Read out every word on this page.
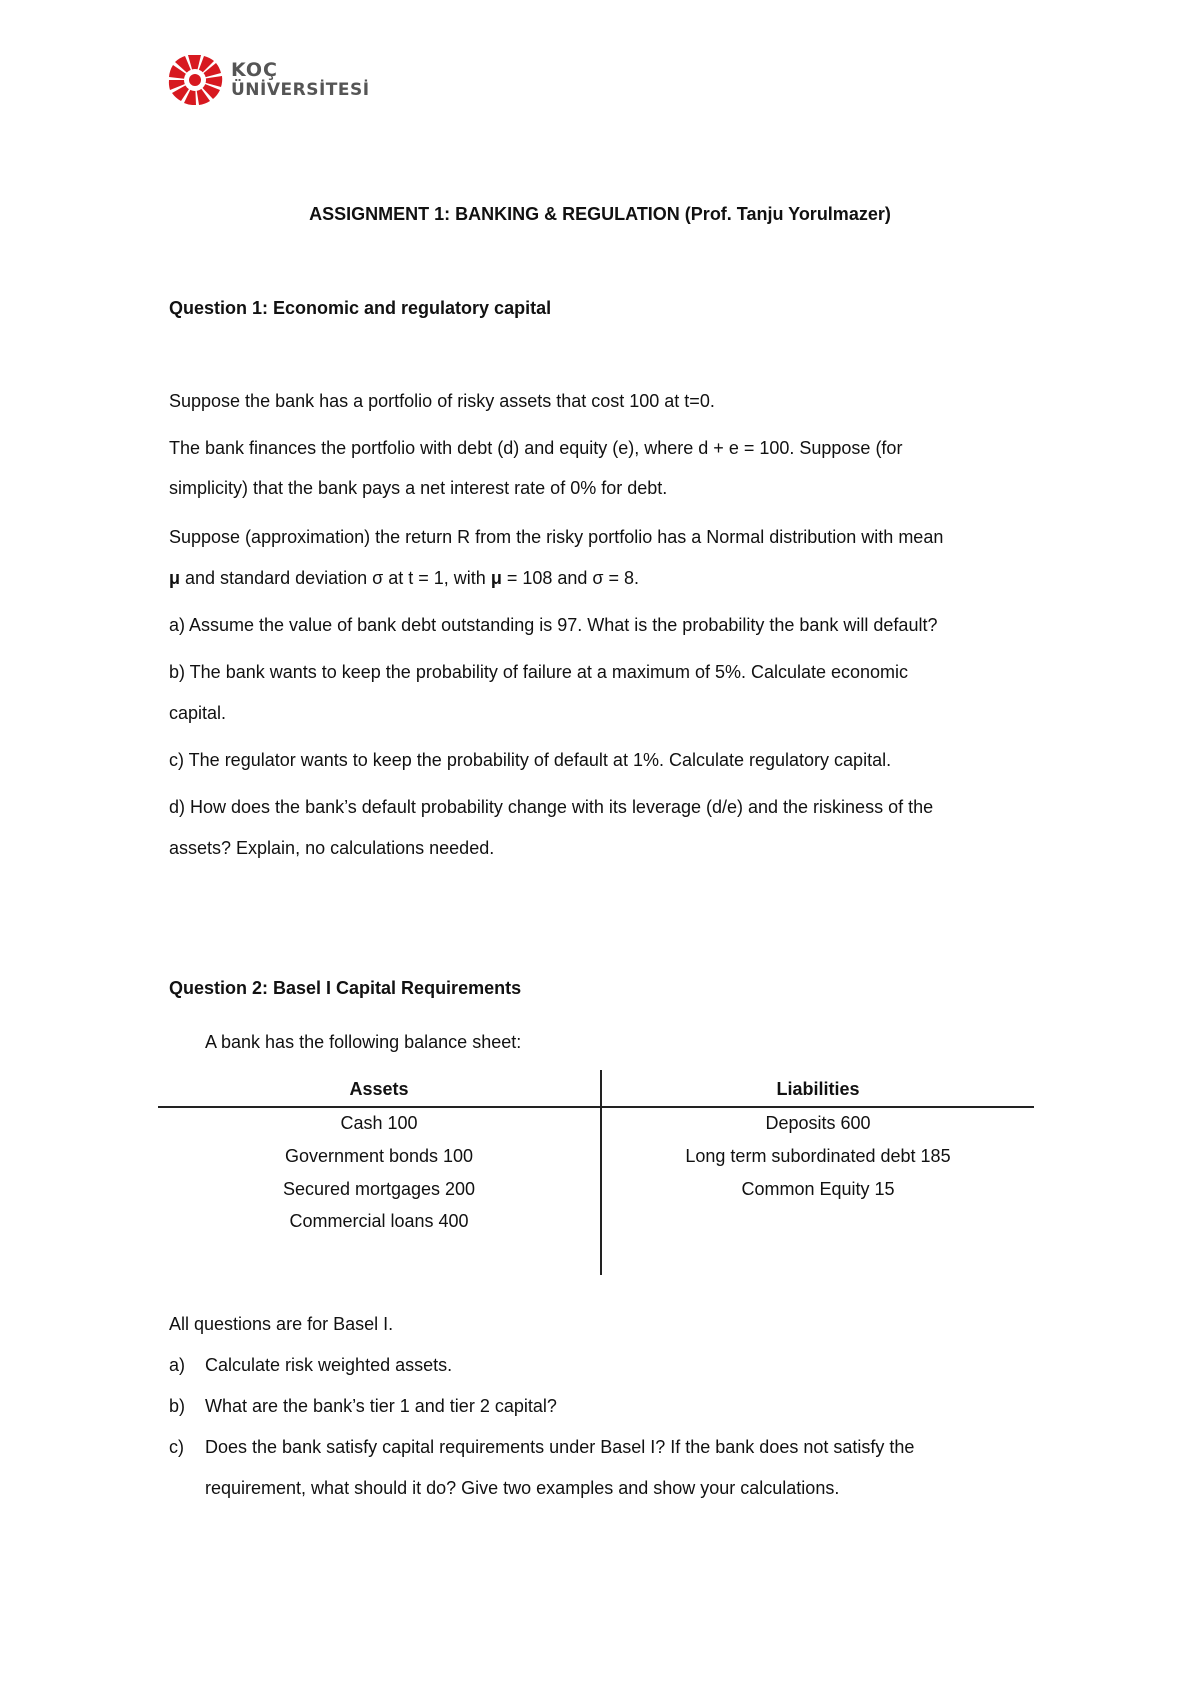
KOÇ
ÜNİVERSİTESİ

ASSIGNMENT 1: BANKING & REGULATION (Prof. Tanju Yorulmazer)

Question 1: Economic and regulatory capital

Suppose the bank has a portfolio of risky assets that cost 100 at t=0.

The bank finances the portfolio with debt (d) and equity (e), where d + e = 100. Suppose (for

simplicity) that the bank pays a net interest rate of 0% for debt.

Suppose (approximation) the return R from the risky portfolio has a Normal distribution with mean

μ and standard deviation σ at t = 1, with μ = 108 and σ = 8.

a) Assume the value of bank debt outstanding is 97. What is the probability the bank will default?

b) The bank wants to keep the probability of failure at a maximum of 5%. Calculate economic

capital.

c) The regulator wants to keep the probability of default at 1%. Calculate regulatory capital.

d) How does the bank’s default probability change with its leverage (d/e) and the riskiness of the

assets? Explain, no calculations needed.

Question 2: Basel I Capital Requirements

A bank has the following balance sheet:

Assets
Cash 100
Government bonds 100
Secured mortgages 200
Commercial loans 400
Liabilities
Deposits 600
Long term subordinated debt 185
Common Equity 15

All questions are for Basel I.

a) Calculate risk weighted assets.
b) What are the bank’s tier 1 and tier 2 capital?
c) Does the bank satisfy capital requirements under Basel I? If the bank does not satisfy the
requirement, what should it do? Give two examples and show your calculations.
